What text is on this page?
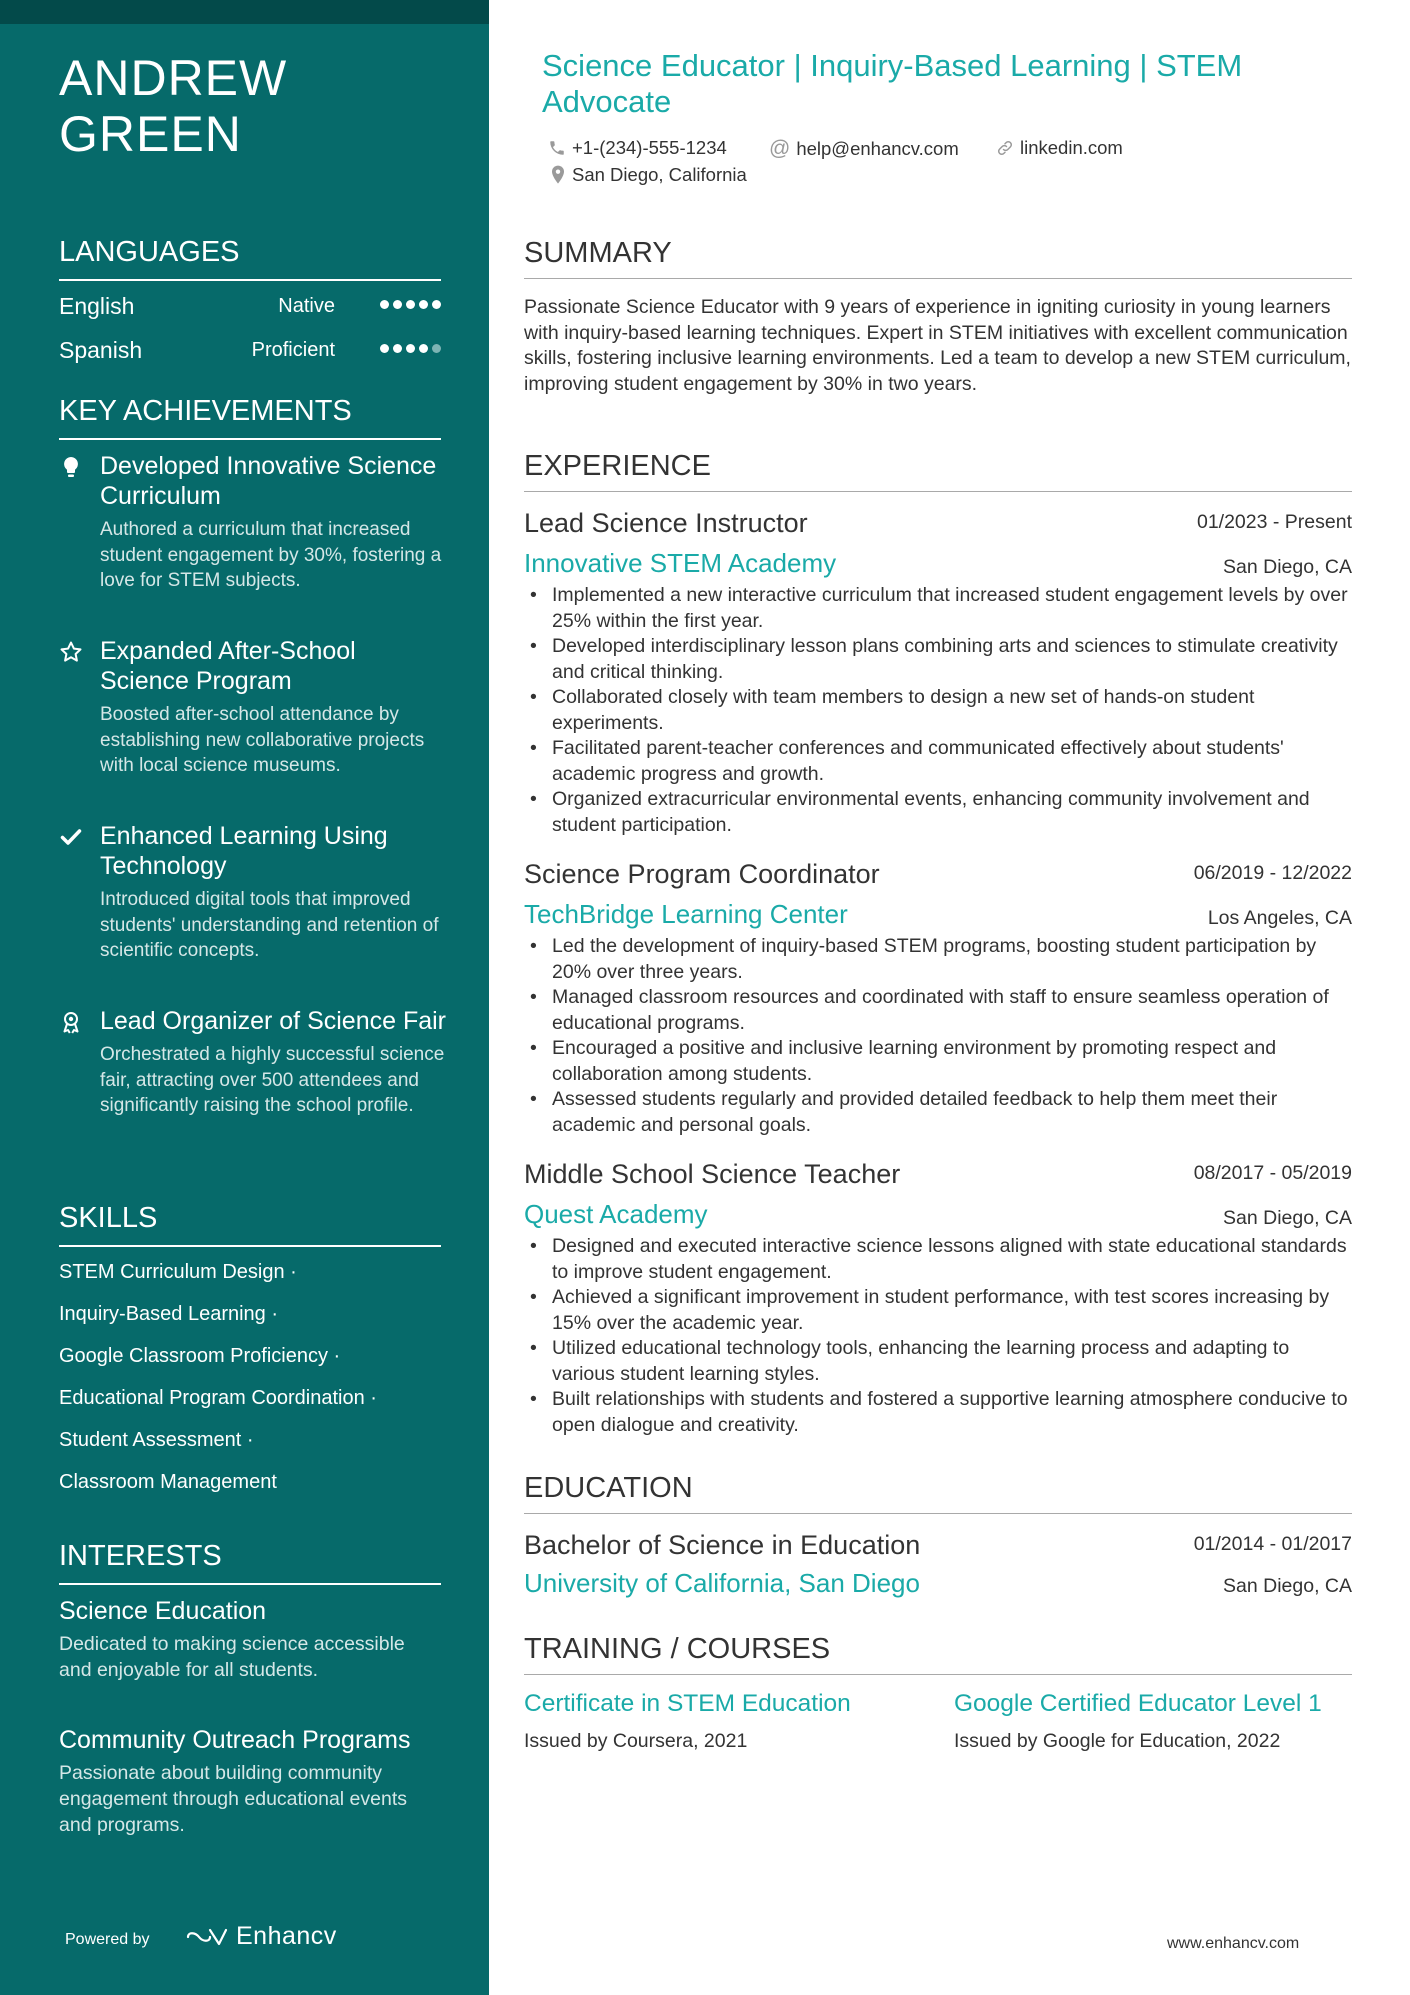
ANDREW
GREEN
LANGUAGES
English	Native
Spanish	Proficient
KEY ACHIEVEMENTS
Developed Innovative Science Curriculum
Authored a curriculum that increased student engagement by 30%, fostering a love for STEM subjects.
Expanded After-School Science Program
Boosted after-school attendance by establishing new collaborative projects with local science museums.
Enhanced Learning Using Technology
Introduced digital tools that improved students' understanding and retention of scientific concepts.
Lead Organizer of Science Fair
Orchestrated a highly successful science fair, attracting over 500 attendees and significantly raising the school profile.
SKILLS
STEM Curriculum Design ·
Inquiry-Based Learning ·
Google Classroom Proficiency ·
Educational Program Coordination ·
Student Assessment ·
Classroom Management
INTERESTS
Science Education
Dedicated to making science accessible and enjoyable for all students.
Community Outreach Programs
Passionate about building community engagement through educational events and programs.
Powered by	Enhancv
Science Educator | Inquiry-Based Learning | STEM Advocate
+1-(234)-555-1234 @ help@enhancv.com	linkedin.com
San Diego, California
SUMMARY
Passionate Science Educator with 9 years of experience in igniting curiosity in young learners with inquiry-based learning techniques. Expert in STEM initiatives with excellent communication skills, fostering inclusive learning environments. Led a team to develop a new STEM curriculum, improving student engagement by 30% in two years.
EXPERIENCE
Lead Science Instructor	01/2023 - Present
Innovative STEM Academy	San Diego, CA
• Implemented a new interactive curriculum that increased student engagement levels by over 25% within the first year.
• Developed interdisciplinary lesson plans combining arts and sciences to stimulate creativity and critical thinking.
• Collaborated closely with team members to design a new set of hands-on student experiments.
• Facilitated parent-teacher conferences and communicated effectively about students' academic progress and growth.
• Organized extracurricular environmental events, enhancing community involvement and student participation.
Science Program Coordinator	06/2019 - 12/2022
TechBridge Learning Center	Los Angeles, CA
• Led the development of inquiry-based STEM programs, boosting student participation by 20% over three years.
• Managed classroom resources and coordinated with staff to ensure seamless operation of educational programs.
• Encouraged a positive and inclusive learning environment by promoting respect and collaboration among students.
• Assessed students regularly and provided detailed feedback to help them meet their academic and personal goals.
Middle School Science Teacher	08/2017 - 05/2019
Quest Academy	San Diego, CA
• Designed and executed interactive science lessons aligned with state educational standards to improve student engagement.
• Achieved a significant improvement in student performance, with test scores increasing by 15% over the academic year.
• Utilized educational technology tools, enhancing the learning process and adapting to various student learning styles.
• Built relationships with students and fostered a supportive learning atmosphere conducive to open dialogue and creativity.
EDUCATION
Bachelor of Science in Education	01/2014 - 01/2017
University of California, San Diego	San Diego, CA
TRAINING / COURSES
Certificate in STEM Education
Issued by Coursera, 2021
Google Certified Educator Level 1
Issued by Google for Education, 2022
www.enhancv.com
